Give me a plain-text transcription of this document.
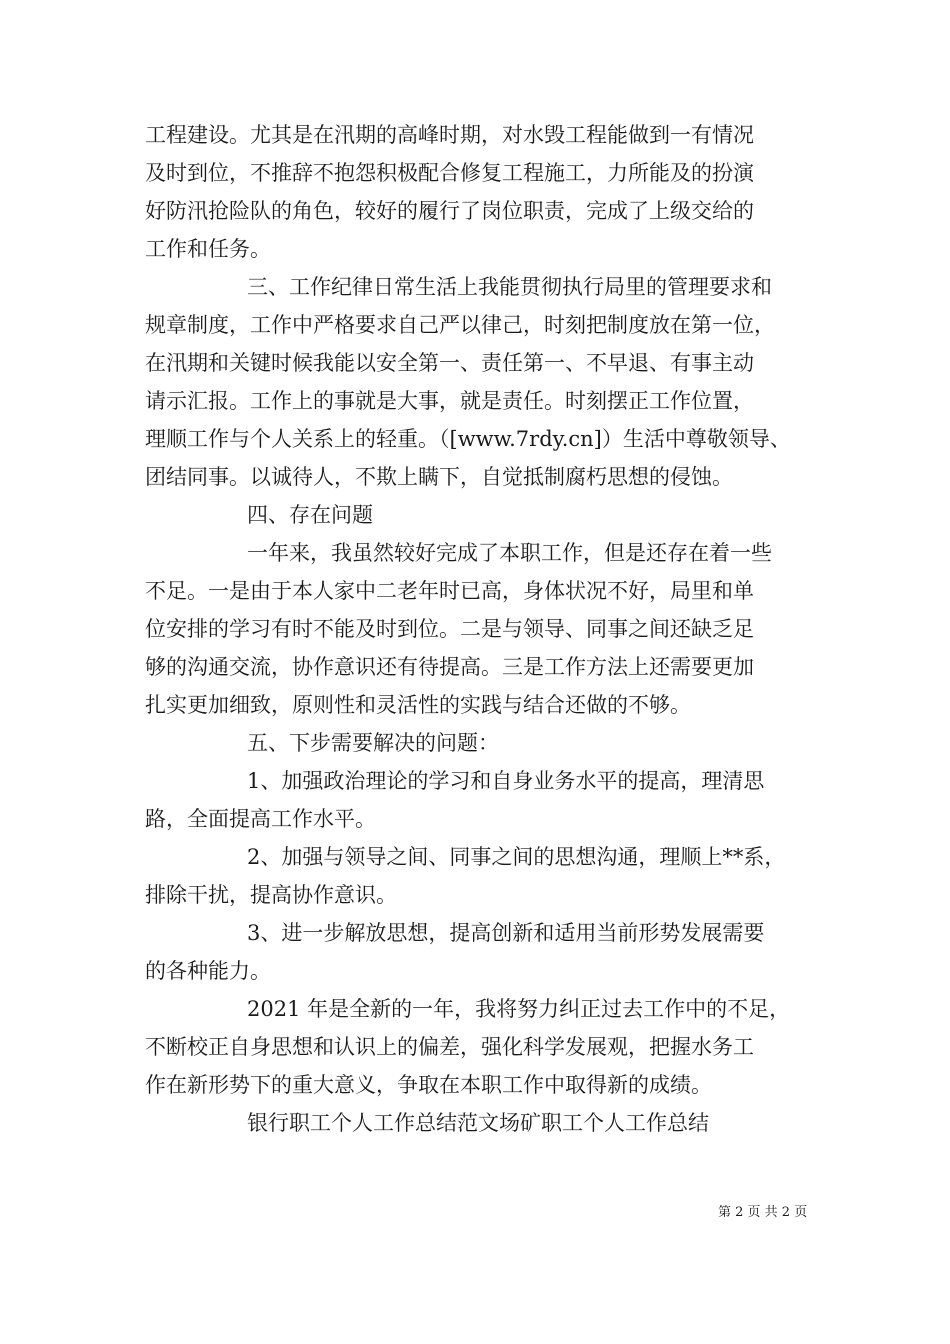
工程建设。尤其是在汛期的高峰时期，对水毁工程能做到一有情况
及时到位，不推辞不抱怨积极配合修复工程施工，力所能及的扮演
好防汛抢险队的角色，较好的履行了岗位职责，完成了上级交给的
工作和任务。
三、工作纪律日常生活上我能贯彻执行局里的管理要求和
规章制度，工作中严格要求自己严以律己，时刻把制度放在第一位，
在汛期和关键时候我能以安全第一、责任第一、不早退、有事主动
请示汇报。工作上的事就是大事，就是责任。时刻摆正工作位置，
理顺工作与个人关系上的轻重。（[www.7rdy.cn]）生活中尊敬领导、
团结同事。以诚待人，不欺上瞒下，自觉抵制腐朽思想的侵蚀。
四、存在问题
一年来，我虽然较好完成了本职工作，但是还存在着一些
不足。一是由于本人家中二老年时已高，身体状况不好，局里和单
位安排的学习有时不能及时到位。二是与领导、同事之间还缺乏足
够的沟通交流，协作意识还有待提高。三是工作方法上还需要更加
扎实更加细致，原则性和灵活性的实践与结合还做的不够。
五、下步需要解决的问题：
1、加强政治理论的学习和自身业务水平的提高，理清思
路，全面提高工作水平。
2、加强与领导之间、同事之间的思想沟通，理顺上**系，
排除干扰，提高协作意识。
3、进一步解放思想，提高创新和适用当前形势发展需要
的各种能力。
2021 年是全新的一年，我将努力纠正过去工作中的不足，
不断校正自身思想和认识上的偏差，强化科学发展观，把握水务工
作在新形势下的重大意义，争取在本职工作中取得新的成绩。
银行职工个人工作总结范文场矿职工个人工作总结
第 2 页 共 2 页
